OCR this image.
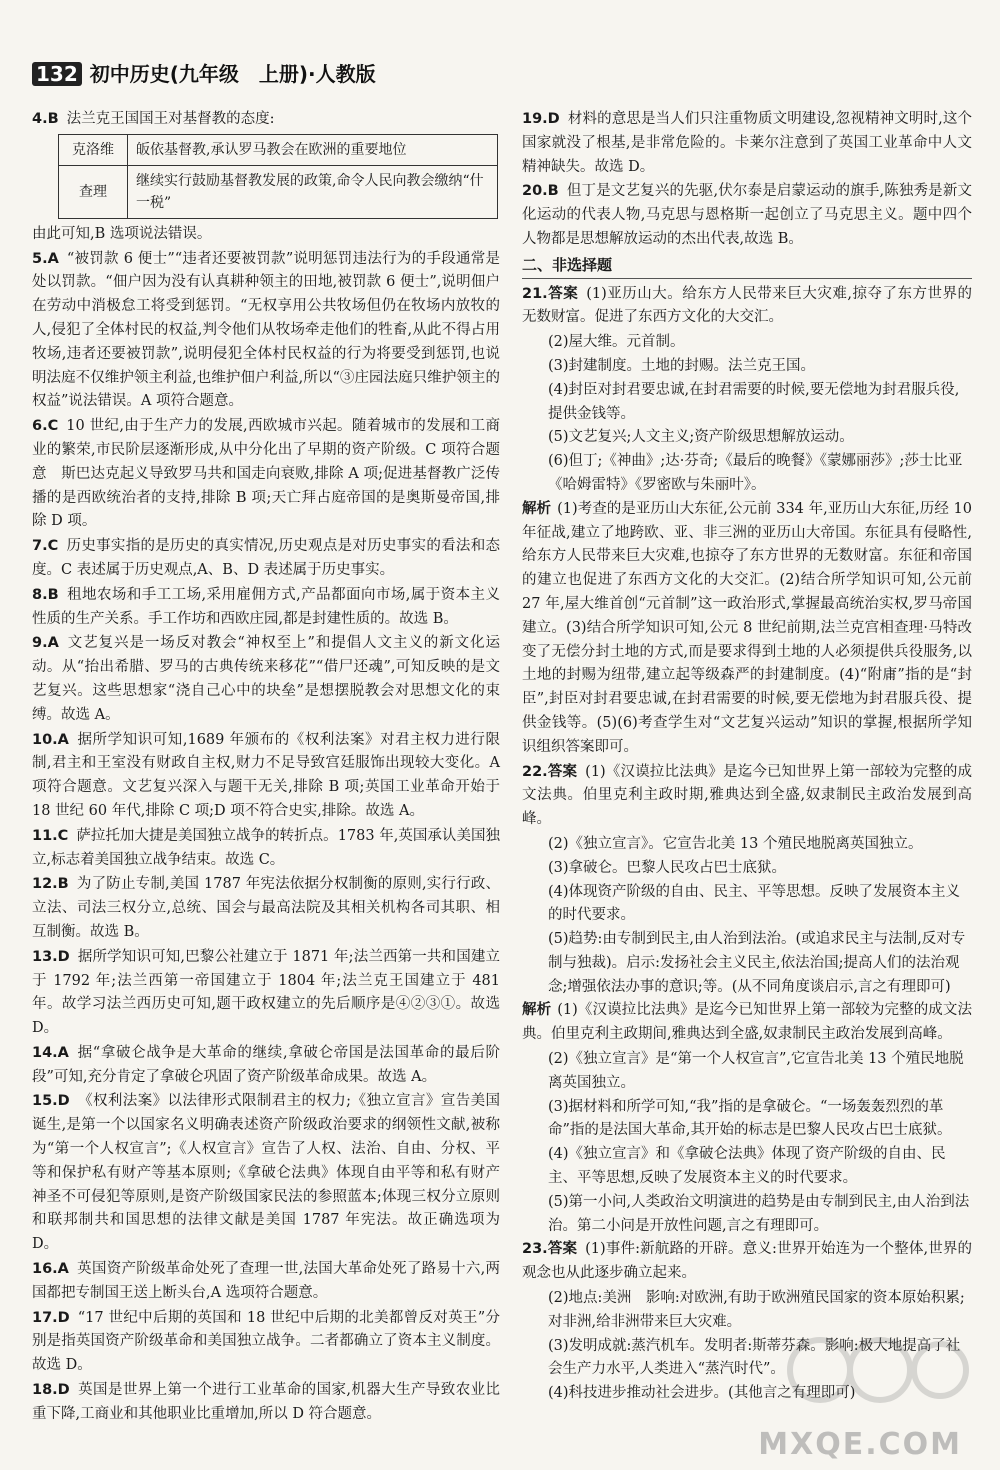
132 初中历史(九年级　上册)·人教版
4.B 法兰克王国国王对基督教的态度:
克洛维	皈依基督教,承认罗马教会在欧洲的重要地位
查理	继续实行鼓励基督教发展的政策,命令人民向教会缴纳“什一税”
由此可知,B 选项说法错误。
5.A “被罚款 6 便士”“违者还要被罚款”说明惩罚违法行为的手段通常是处以罚款。“佃户因为没有认真耕种领主的田地,被罚款 6 便士”,说明佃户在劳动中消极怠工将受到惩罚。“无权享用公共牧场但仍在牧场内放牧的人,侵犯了全体村民的权益,判令他们从牧场牵走他们的牲畜,从此不得占用牧场,违者还要被罚款”,说明侵犯全体村民权益的行为将要受到惩罚,也说明法庭不仅维护领主利益,也维护佃户利益,所以“③庄园法庭只维护领主的权益”说法错误。A 项符合题意。
6.C 10 世纪,由于生产力的发展,西欧城市兴起。随着城市的发展和工商业的繁荣,市民阶层逐渐形成,从中分化出了早期的资产阶级。C 项符合题意　斯巴达克起义导致罗马共和国走向衰败,排除 A 项;促进基督教广泛传播的是西欧统治者的支持,排除 B 项;天亡拜占庭帝国的是奥斯曼帝国,排除 D 项。
7.C 历史事实指的是历史的真实情况,历史观点是对历史事实的看法和态度。C 表述属于历史观点,A、B、D 表述属于历史事实。
8.B 租地农场和手工工场,采用雇佣方式,产品都面向市场,属于资本主义性质的生产关系。手工作坊和西欧庄园,都是封建性质的。故选 B。
9.A 文艺复兴是一场反对教会“神权至上”和提倡人文主义的新文化运动。从“抬出希腊、罗马的古典传统来移花”“借尸还魂”,可知反映的是文艺复兴。这些思想家“浇自己心中的块垒”是想摆脱教会对思想文化的束缚。故选 A。
10.A 据所学知识可知,1689 年颁布的《权利法案》对君主权力进行限制,君主和王室没有财政自主权,财力不足导致宫廷服饰出现较大变化。A 项符合题意。文艺复兴深入与题干无关,排除 B 项;英国工业革命开始于 18 世纪 60 年代,排除 C 项;D 项不符合史实,排除。故选 A。
11.C 萨拉托加大捷是美国独立战争的转折点。1783 年,英国承认美国独立,标志着美国独立战争结束。故选 C。
12.B 为了防止专制,美国 1787 年宪法依据分权制衡的原则,实行行政、立法、司法三权分立,总统、国会与最高法院及其相关机构各司其职、相互制衡。故选 B。
13.D 据所学知识可知,巴黎公社建立于 1871 年;法兰西第一共和国建立于 1792 年;法兰西第一帝国建立于 1804 年;法兰克王国建立于 481 年。故学习法兰西历史可知,题干政权建立的先后顺序是④②③①。故选 D。
14.A 据“拿破仑战争是大革命的继续,拿破仑帝国是法国革命的最后阶段”可知,充分肯定了拿破仑巩固了资产阶级革命成果。故选 A。
15.D 《权利法案》以法律形式限制君主的权力;《独立宣言》宣告美国诞生,是第一个以国家名义明确表述资产阶级政治要求的纲领性文献,被称为“第一个人权宣言”;《人权宣言》宣告了人权、法治、自由、分权、平等和保护私有财产等基本原则;《拿破仑法典》体现自由平等和私有财产神圣不可侵犯等原则,是资产阶级国家民法的参照蓝本;体现三权分立原则和联邦制共和国思想的法律文献是美国 1787 年宪法。故正确选项为 D。
16.A 英国资产阶级革命处死了查理一世,法国大革命处死了路易十六,两国都把专制国王送上断头台,A 选项符合题意。
17.D “17 世纪中后期的英国和 18 世纪中后期的北美都曾反对英王”分别是指英国资产阶级革命和美国独立战争。二者都确立了资本主义制度。故选 D。
18.D 英国是世界上第一个进行工业革命的国家,机器大生产导致农业比重下降,工商业和其他职业比重增加,所以 D 符合题意。
19.D 材料的意思是当人们只注重物质文明建设,忽视精神文明时,这个国家就没了根基,是非常危险的。卡莱尔注意到了英国工业革命中人文精神缺失。故选 D。
20.B 但丁是文艺复兴的先驱,伏尔泰是启蒙运动的旗手,陈独秀是新文化运动的代表人物,马克思与恩格斯一起创立了马克思主义。题中四个人物都是思想解放运动的杰出代表,故选 B。
二、非选择题
21.答案 (1)亚历山大。给东方人民带来巨大灾难,掠夺了东方世界的无数财富。促进了东西方文化的大交汇。
(2)屋大维。元首制。
(3)封建制度。土地的封赐。法兰克王国。
(4)封臣对封君要忠诚,在封君需要的时候,要无偿地为封君服兵役,提供金钱等。
(5)文艺复兴;人文主义;资产阶级思想解放运动。
(6)但丁;《神曲》;达·芬奇;《最后的晚餐》《蒙娜丽莎》;莎士比亚《哈姆雷特》《罗密欧与朱丽叶》。
解析 (1)考查的是亚历山大东征,公元前 334 年,亚历山大东征,历经 10 年征战,建立了地跨欧、亚、非三洲的亚历山大帝国。东征具有侵略性,给东方人民带来巨大灾难,也掠夺了东方世界的无数财富。东征和帝国的建立也促进了东西方文化的大交汇。(2)结合所学知识可知,公元前 27 年,屋大维首创“元首制”这一政治形式,掌握最高统治实权,罗马帝国建立。(3)结合所学知识可知,公元 8 世纪前期,法兰克宫相查理·马特改变了无偿分封土地的方式,而是要求得到土地的人必须提供兵役服务,以土地的封赐为纽带,建立起等级森严的封建制度。(4)“附庸”指的是“封臣”,封臣对封君要忠诚,在封君需要的时候,要无偿地为封君服兵役、提供金钱等。(5)(6)考查学生对“文艺复兴运动”知识的掌握,根据所学知识组织答案即可。
22.答案 (1)《汉谟拉比法典》是迄今已知世界上第一部较为完整的成文法典。伯里克利主政时期,雅典达到全盛,奴隶制民主政治发展到高峰。
(2)《独立宣言》。它宣告北美 13 个殖民地脱离英国独立。
(3)拿破仑。巴黎人民攻占巴士底狱。
(4)体现资产阶级的自由、民主、平等思想。反映了发展资本主义的时代要求。
(5)趋势:由专制到民主,由人治到法治。(或追求民主与法制,反对专制与独裁)。启示:发扬社会主义民主,依法治国;提高人们的法治观念;增强依法办事的意识;等。(从不同角度谈启示,言之有理即可)
解析 (1)《汉谟拉比法典》是迄今已知世界上第一部较为完整的成文法典。伯里克利主政期间,雅典达到全盛,奴隶制民主政治发展到高峰。
(2)《独立宣言》是“第一个人权宣言”,它宣告北美 13 个殖民地脱离英国独立。
(3)据材料和所学可知,“我”指的是拿破仑。“一场轰轰烈烈的革命”指的是法国大革命,其开始的标志是巴黎人民攻占巴士底狱。
(4)《独立宣言》和《拿破仑法典》体现了资产阶级的自由、民主、平等思想,反映了发展资本主义的时代要求。
(5)第一小问,人类政治文明演进的趋势是由专制到民主,由人治到法治。第二小问是开放性问题,言之有理即可。
23.答案 (1)事件:新航路的开辟。意义:世界开始连为一个整体,世界的观念也从此逐步确立起来。
(2)地点:美洲　影响:对欧洲,有助于欧洲殖民国家的资本原始积累;对非洲,给非洲带来巨大灾难。
(3)发明成就:蒸汽机车。发明者:斯蒂芬森。影响:极大地提高了社会生产力水平,人类进入“蒸汽时代”。
(4)科技进步推动社会进步。(其他言之有理即可)
MXQE.COM
